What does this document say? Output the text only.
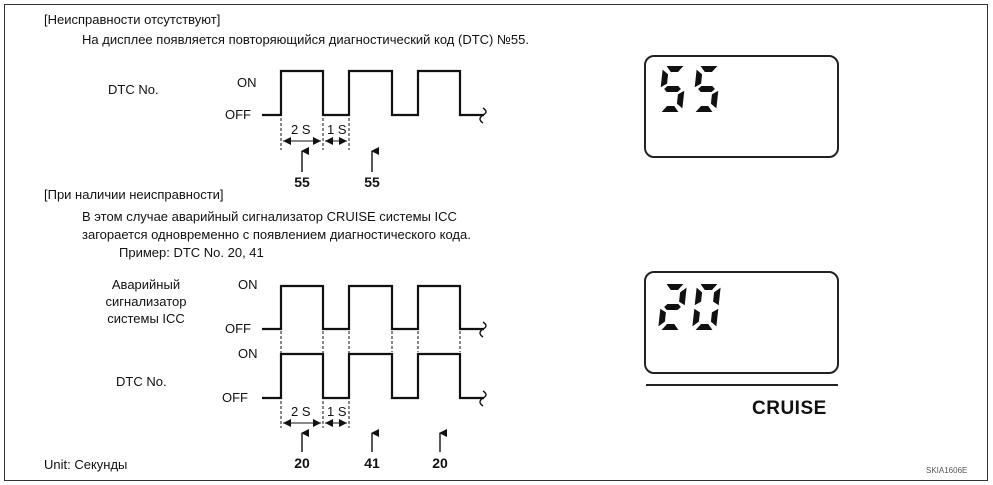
[Неисправности отсутствуют]
На дисплее появляется повторяющийся диагностический код (DTC) №55.
DTC No.
[При наличии неисправности]
В этом случае аварийный сигнализатор CRUISE системы ICC
загорается одновременно с появлением диагностического кода.
Пример: DTC No. 20, 41
Аварийный сигнализатор системы ICC
DTC No.
Unit: Секунды	SKIA1606E
CRUISE
ON
OFF
2 S 1 S
55	55
ON
OFF
ON
OFF
2 S 1 S
20	41	20
